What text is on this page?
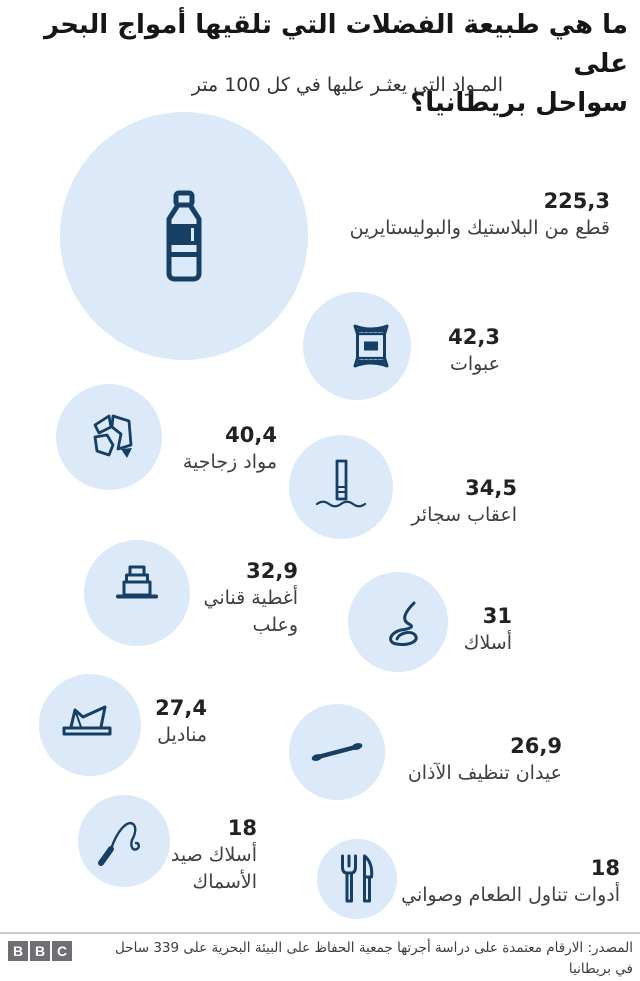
ما هي طبيعة الفضلات التي تلقيها أمواج البحر على
سواحل بريطانيا؟
المـواد التي يعثـر عليها في كل 100 متر
225,3
قطع من البلاستيك والبوليستايرين
42,3
عبوات
40,4
مواد زجاجية
34,5
اعقاب سجائر
32,9
أغطية قناني وعلب	31
أسلاك
27,4
مناديل	26,9
عيدان تنظيف الآذان
18
أسلاك صيد الأسماك
18
أدوات تناول الطعام وصواني
B B C	المصدر: الارقام معتمدة على دراسة أجرتها جمعية الحفاظ على البيئة البحرية على 339 ساحل
في بريطانيا
